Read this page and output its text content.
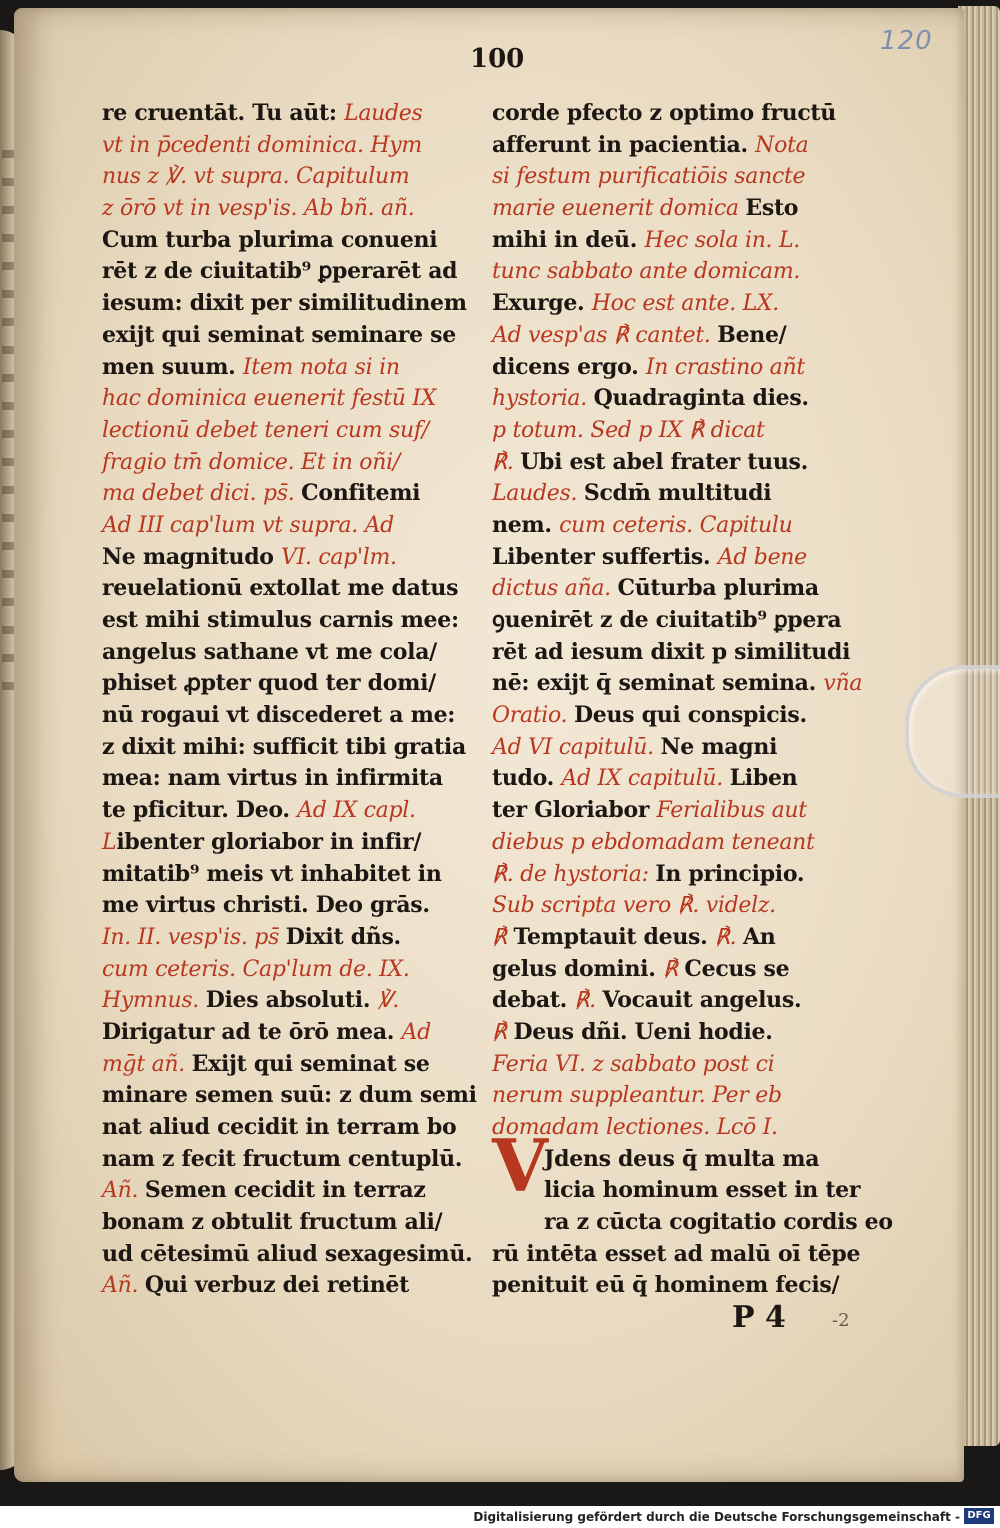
120
100
re cruentāt. Tu aūt: Laudes
vt in p̄cedenti dominica. Hym
nus z ℣. vt supra. Capitulum
z ōrō vt in vesp'is. Ab bñ. añ.
Cum turba plurima conueni
rēt z de ciuitatib⁹ ꝑperarēt ad
iesum: dixit per similitudinem
exijt qui seminat seminare se
men suum. Item nota si in
hac dominica euenerit festū IX
lectionū debet teneri cum suf/
fragio tm̄ domice. Et in oñi/
ma debet dici. ps̄. Confitemi
Ad III cap'lum vt supra. Ad
Ne magnitudo VI. cap'lm.
reuelationū extollat me datus
est mihi stimulus carnis mee:
angelus sathane vt me cola/
phiset ꝓpter quod ter domi/
nū rogaui vt discederet a me:
z dixit mihi: sufficit tibi gratia
mea: nam virtus in infirmita
te pficitur. Deo. Ad IX capl.
Libenter gloriabor in infir/
mitatib⁹ meis vt inhabitet in
me virtus christi. Deo grās.
In. II. vesp'is. ps̄ Dixit dñs.
cum ceteris. Cap'lum de. IX.
Hymnus. Dies absoluti. ℣.
Dirigatur ad te ōrō mea. Ad
mḡt añ. Exijt qui seminat se
minare semen suū: z dum semi
nat aliud cecidit in terram bo
nam z fecit fructum centuplū.
Añ. Semen cecidit in terraz
bonam z obtulit fructum ali/
ud cētesimū aliud sexagesimū.
Añ. Qui verbuz dei retinēt
corde pfecto z optimo fructū
afferunt in pacientia. Nota
si festum purificatiōis sancte
marie euenerit domica Esto
mihi in deū. Hec sola in. L.
tunc sabbato ante domicam.
Exurge. Hoc est ante. LX.
Ad vesp'as ℟ cantet. Bene/
dicens ergo. In crastino añt
hystoria. Quadraginta dies.
p totum. Sed p IX ℟ dicat
℟. Ubi est abel frater tuus.
Laudes. Scdm̄ multitudi
nem. cum ceteris. Capitulu
Libenter suffertis. Ad bene
dictus aña. Cūturba plurima
ꝯuenirēt z de ciuitatib⁹ ꝑpera
rēt ad iesum dixit p similitudi
nē: exijt q̄ seminat semina. vña
Oratio. Deus qui conspicis.
Ad VI capitulū. Ne magni
tudo. Ad IX capitulū. Liben
ter Gloriabor Ferialibus aut
diebus p ebdomadam teneant
℟. de hystoria: In principio.
Sub scripta vero ℟. videlz.
℟ Temptauit deus. ℟. An
gelus domini. ℟ Cecus se
debat. ℟. Vocauit angelus.
℟ Deus dñi. Ueni hodie.
Feria VI. z sabbato post ci
nerum suppleantur. Per eb
domadam lectiones. Lcō I.
Jdens deus q̄ multa ma
licia hominum esset in ter
ra z cūcta cogitatio cordis eo
rū intēta esset ad malū oī tēpe
penituit eū q̄ hominem fecis/
V
P 4	-2
Digitalisierung gefördert durch die Deutsche Forschungsgemeinschaft - DFG
